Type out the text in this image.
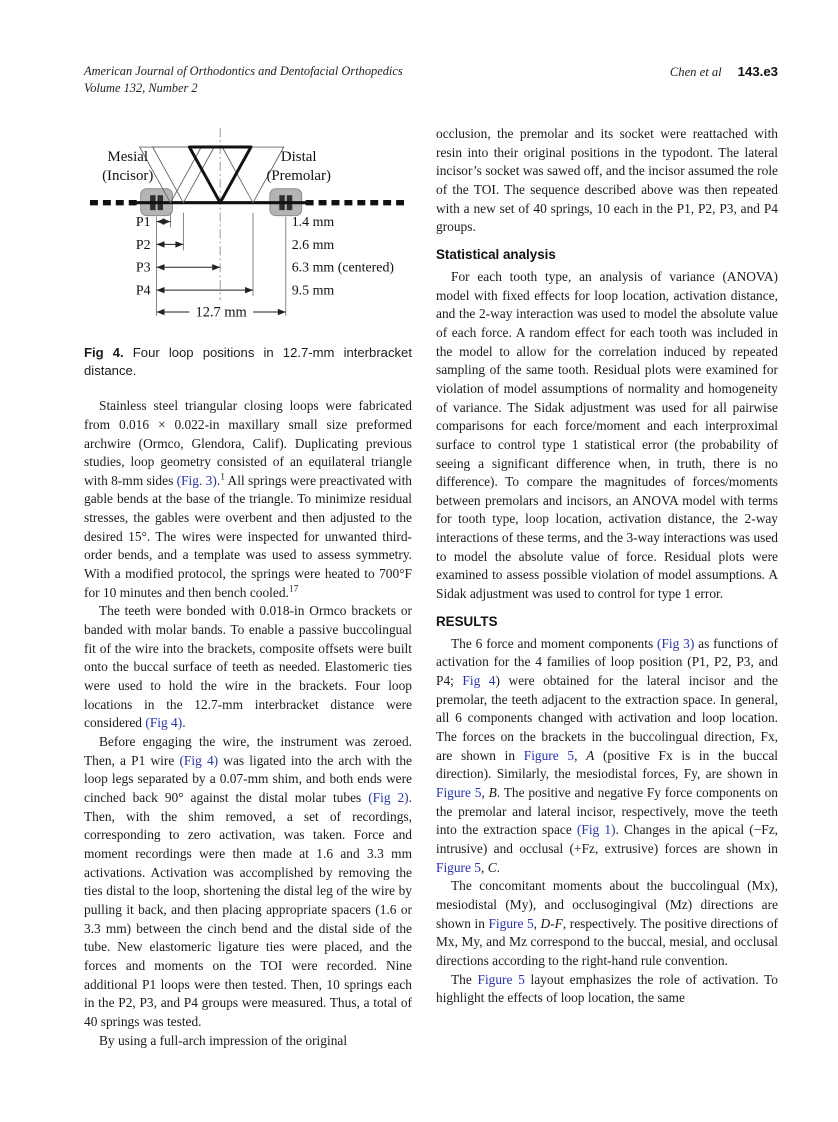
American Journal of Orthodontics and Dentofacial Orthopedics
Volume 132, Number 2
Chen et al 143.e3
P1	1.4 mm
P2	2.6 mm
P3	6.3 mm (centered)
P4	9.5 mm
12.7 mm
Mesial
(Incisor)
Distal
(Premolar)
Fig 4. Four loop positions in 12.7-mm interbracket distance.

Stainless steel triangular closing loops were fabricated from 0.016 × 0.022-in maxillary small size preformed archwire (Ormco, Glendora, Calif). Duplicating previous studies, loop geometry consisted of an equilateral triangle with 8-mm sides (Fig. 3).$^1$ All springs were preactivated with gable bends at the base of the triangle. To minimize residual stresses, the gables were overbent and then adjusted to the desired 15°. The wires were inspected for unwanted third-order bends, and a template was used to assess symmetry. With a modified protocol, the springs were heated to 700°F for 10 minutes and then bench cooled.$^{17}$

The teeth were bonded with 0.018-in Ormco brackets or banded with molar bands. To enable a passive buccolingual fit of the wire into the brackets, composite offsets were built onto the buccal surface of teeth as needed. Elastomeric ties were used to hold the wire in the brackets. Four loop locations in the 12.7-mm interbracket distance were considered (Fig 4).

Before engaging the wire, the instrument was zeroed. Then, a P1 wire (Fig 4) was ligated into the arch with the loop legs separated by a 0.07-mm shim, and both ends were cinched back 90° against the distal molar tubes (Fig 2). Then, with the shim removed, a set of recordings, corresponding to zero activation, was taken. Force and moment recordings were then made at 1.6 and 3.3 mm activations. Activation was accomplished by removing the ties distal to the loop, shortening the distal leg of the wire by pulling it back, and then placing appropriate spacers (1.6 or 3.3 mm) between the cinch bend and the distal side of the tube. New elastomeric ligature ties were placed, and the forces and moments on the TOI were recorded. Nine additional P1 loops were then tested. Then, 10 springs each in the P2, P3, and P4 groups were measured. Thus, a total of 40 springs was tested.

By using a full-arch impression of the original

occlusion, the premolar and its socket were reattached with resin into their original positions in the typodont. The lateral incisor’s socket was sawed off, and the incisor assumed the role of the TOI. The sequence described above was then repeated with a new set of 40 springs, 10 each in the P1, P2, P3, and P4 groups.

Statistical analysis

For each tooth type, an analysis of variance (ANOVA) model with fixed effects for loop location, activation distance, and the 2-way interaction was used to model the absolute value of each force. A random effect for each tooth was included in the model to allow for the correlation induced by repeated sampling of the same tooth. Residual plots were examined for violation of model assumptions of normality and homogeneity of variance. The Sidak adjustment was used for all pairwise comparisons for each force/moment and each interproximal surface to control type 1 statistical error (the probability of seeing a significant difference when, in truth, there is no difference). To compare the magnitudes of forces/moments between premolars and incisors, an ANOVA model with terms for tooth type, loop location, activation distance, the 2-way interactions of these terms, and the 3-way interactions was used to model the absolute value of force. Residual plots were examined to assess possible violation of model assumptions. A Sidak adjustment was used to control for type 1 error.

RESULTS

The 6 force and moment components (Fig 3) as functions of activation for the 4 families of loop position (P1, P2, P3, and P4; Fig 4) were obtained for the lateral incisor and the premolar, the teeth adjacent to the extraction space. In general, all 6 components changed with activation and loop location. The forces on the brackets in the buccolingual direction, Fx, are shown in Figure 5, A (positive Fx is in the buccal direction). Similarly, the mesiodistal forces, Fy, are shown in Figure 5, B. The positive and negative Fy force components on the premolar and lateral incisor, respectively, move the teeth into the extraction space (Fig 1). Changes in the apical (−Fz, intrusive) and occlusal (+Fz, extrusive) forces are shown in Figure 5, C.

The concomitant moments about the buccolingual (Mx), mesiodistal (My), and occlusogingival (Mz) directions are shown in Figure 5, D-F, respectively. The positive directions of Mx, My, and Mz correspond to the buccal, mesial, and occlusal directions according to the right-hand rule convention.

The Figure 5 layout emphasizes the role of activation. To highlight the effects of loop location, the same
